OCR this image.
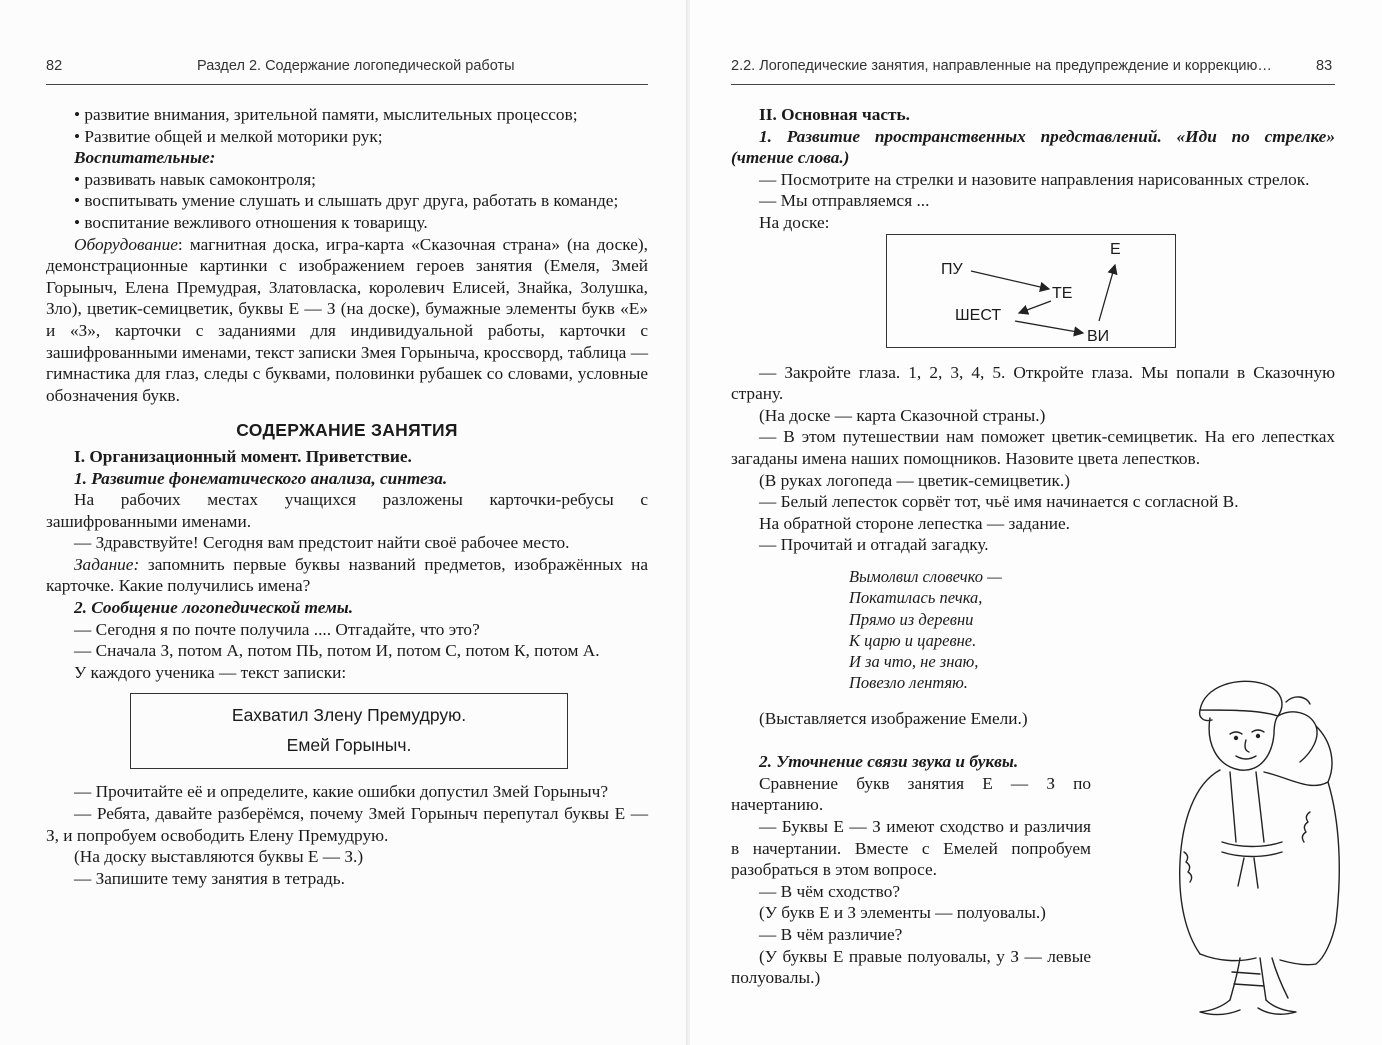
82	Раздел 2. Содержание логопедической работы

• развитие внимания, зрительной памяти, мыслительных процессов;

• Развитие общей и мелкой моторики рук;

Воспитательные:

• развивать навык самоконтроля;

• воспитывать умение слушать и слышать друг друга, работать в команде;

• воспитание вежливого отношения к товарищу.

Оборудование: магнитная доска, игра-карта «Сказочная страна» (на доске), демонстрационные картинки с изображением героев занятия (Емеля, Змей Горыныч, Елена Премудрая, Златовласка, королевич Елисей, Знайка, Золушка, Зло), цветик-семицветик, буквы Е — З (на доске), бумажные элементы букв «Е» и «З», карточки с заданиями для индивидуальной работы, карточки с зашифрованными именами, текст записки Змея Горыныча, кроссворд, таблица — гимнастика для глаз, следы с буквами, половинки рубашек со словами, условные обозначения букв.

СОДЕРЖАНИЕ ЗАНЯТИЯ

I. Организационный момент. Приветствие.

1. Развитие фонематического анализа, синтеза.

На рабочих местах учащихся разложены карточки-ребусы с зашифрованными именами.

— Здравствуйте! Сегодня вам предстоит найти своё рабочее место.

Задание: запомнить первые буквы названий предметов, изображённых на карточке. Какие получились имена?

2. Сообщение логопедической темы.

— Сегодня я по почте получила .... Отгадайте, что это?

— Сначала З, потом А, потом ПЬ, потом И, потом С, потом К, потом А.

У каждого ученика — текст записки:

Еахватил Злену Премудрую.
Емей Горыныч.

— Прочитайте её и определите, какие ошибки допустил Змей Горыныч?

— Ребята, давайте разберёмся, почему Змей Горыныч перепутал буквы Е — З, и попробуем освободить Елену Премудрую.

(На доску выставляются буквы Е — З.)

— Запишите тему занятия в тетрадь.

2.2. Логопедические занятия, направленные на предупреждение и коррекцию…	83

II. Основная часть.

1. Развитие пространственных представлений. «Иди по стрелке» (чтение слова.)

— Посмотрите на стрелки и назовите направления нарисованных стрелок.

— Мы отправляемся ...

На доске:

ПУ
ТЕ
ШЕСТ
ВИ
Е

— Закройте глаза. 1, 2, 3, 4, 5. Откройте глаза. Мы попали в Сказочную страну.

(На доске — карта Сказочной страны.)

— В этом путешествии нам поможет цветик-семицветик. На его лепестках загаданы имена наших помощников. Назовите цвета лепестков.

(В руках логопеда — цветик-семицветик.)

— Белый лепесток сорвёт тот, чьё имя начинается с согласной В.

На обратной стороне лепестка — задание.

— Прочитай и отгадай загадку.

Вымолвил словечко —
Покатилась печка,
Прямо из деревни
К царю и царевне.
И за что, не знаю,
Повезло лентяю.

(Выставляется изображение Емели.)

2. Уточнение связи звука и буквы.

Сравнение букв занятия Е — З по начертанию.

— Буквы Е — З имеют сходство и различия в начертании. Вместе с Емелей попробуем разобраться в этом вопросе.

— В чём сходство?

(У букв Е и З элементы — полуовалы.)

— В чём различие?

(У буквы Е правые полуовалы, у З — левые полуовалы.)
